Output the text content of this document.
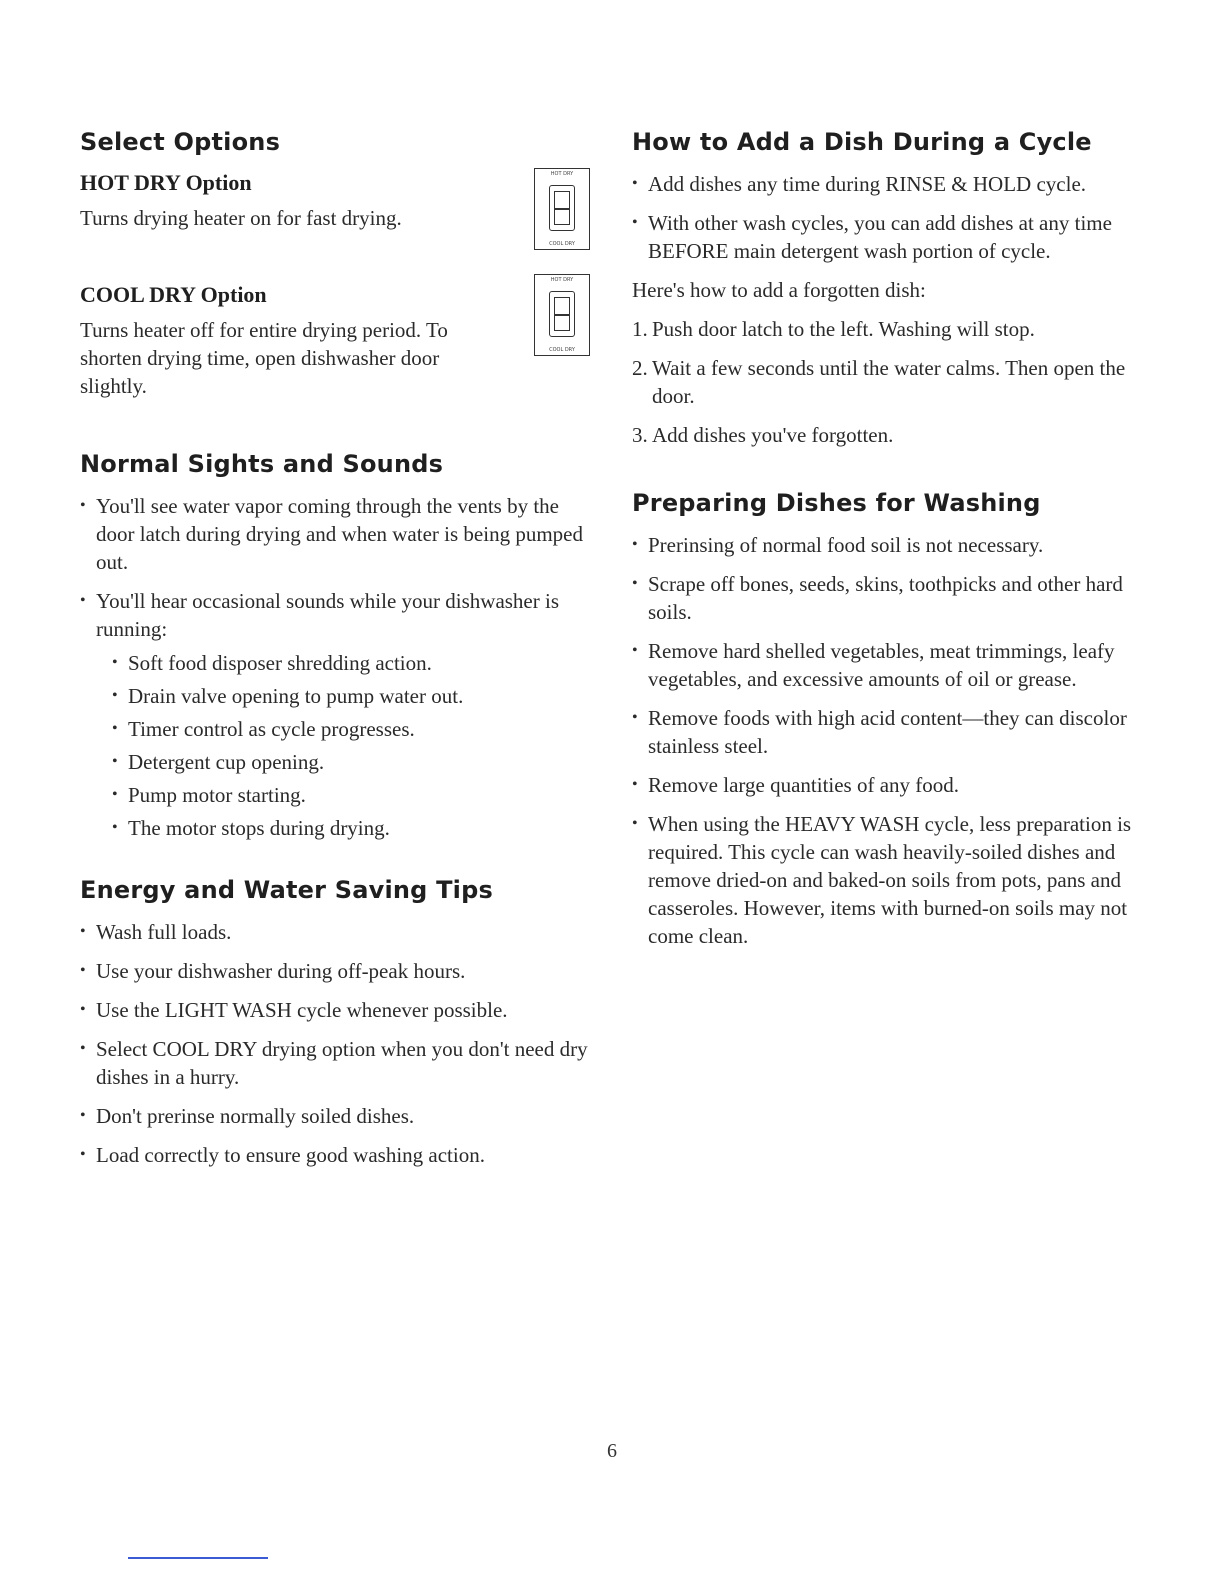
Select Options
HOT DRY Option

Turns drying heater on for fast drying.

HOT DRY
COOL DRY
COOL DRY Option

Turns heater off for entire drying period. To shorten drying time, open dishwasher door slightly.

HOT DRY
COOL DRY
Normal Sights and Sounds
• You'll see water vapor coming through the vents by the door latch during drying and when water is being pumped out.
• You'll hear occasional sounds while your dishwasher is running:
• Soft food disposer shredding action.
• Drain valve opening to pump water out.
• Timer control as cycle progresses.
• Detergent cup opening.
• Pump motor starting.
• The motor stops during drying.
Energy and Water Saving Tips
• Wash full loads.
• Use your dishwasher during off-peak hours.
• Use the LIGHT WASH cycle whenever possible.
• Select COOL DRY drying option when you don't need dry dishes in a hurry.
• Don't prerinse normally soiled dishes.
• Load correctly to ensure good washing action.
How to Add a Dish During a Cycle
• Add dishes any time during RINSE & HOLD cycle.
• With other wash cycles, you can add dishes at any time BEFORE main detergent wash portion of cycle.

Here's how to add a forgotten dish:

1. Push door latch to the left. Washing will stop.
2. Wait a few seconds until the water calms. Then open the door.
3. Add dishes you've forgotten.
Preparing Dishes for Washing
• Prerinsing of normal food soil is not necessary.
• Scrape off bones, seeds, skins, toothpicks and other hard soils.
• Remove hard shelled vegetables, meat trimmings, leafy vegetables, and excessive amounts of oil or grease.
• Remove foods with high acid content—they can discolor stainless steel.
• Remove large quantities of any food.
• When using the HEAVY WASH cycle, less preparation is required. This cycle can wash heavily-soiled dishes and remove dried-on and baked-on soils from pots, pans and casseroles. However, items with burned-on soils may not come clean.
6
